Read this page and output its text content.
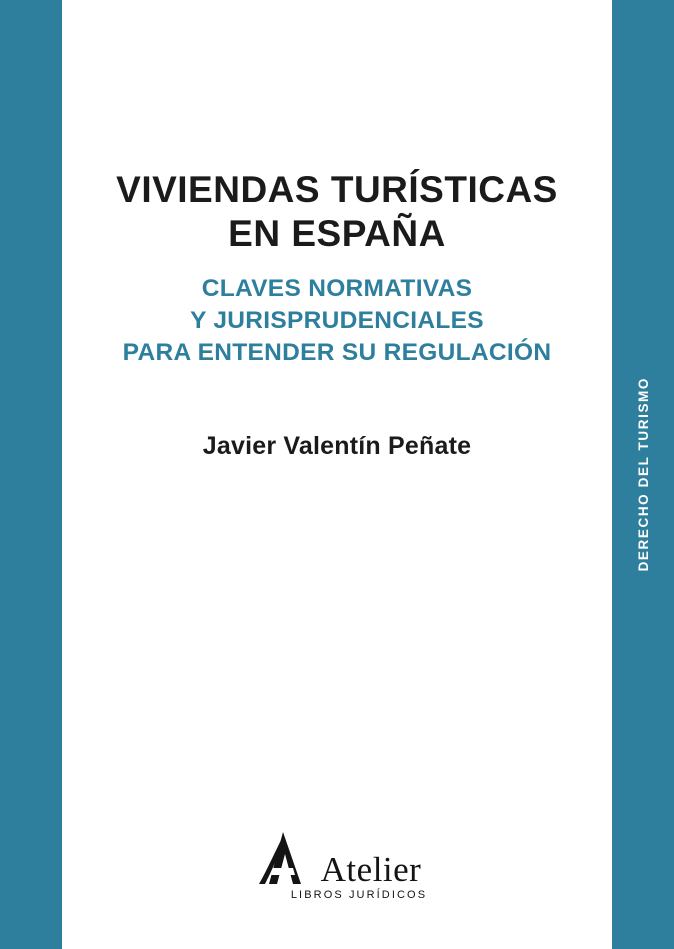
DERECHO DEL TURISMO
VIVIENDAS TURÍSTICAS
EN ESPAÑA
CLAVES NORMATIVAS
Y JURISPRUDENCIALES
PARA ENTENDER SU REGULACIÓN
Javier Valentín Peñate
Atelier
LIBROS JURÍDICOS
